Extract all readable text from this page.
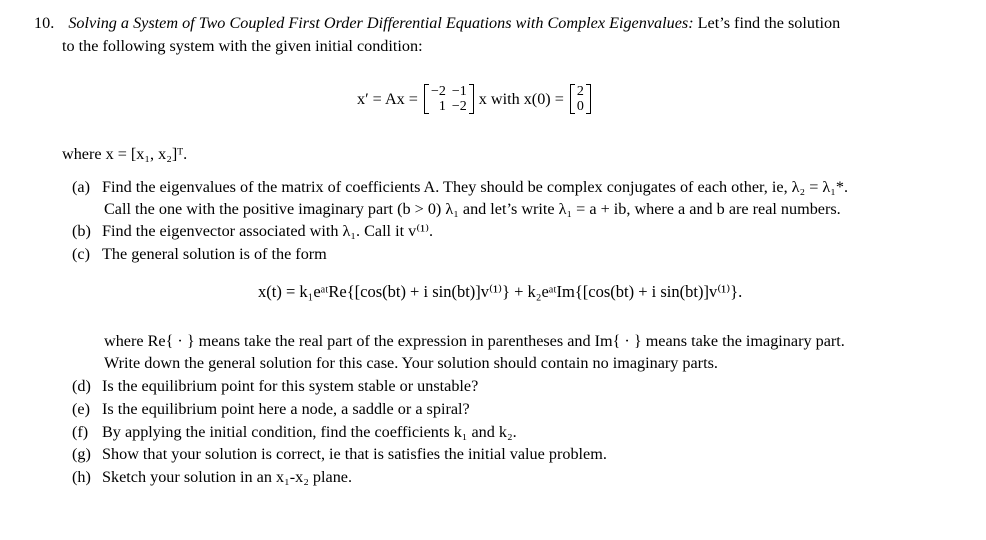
10. Solving a System of Two Coupled First Order Differential Equations with Complex Eigenvalues: Let’s find the solution
to the following system with the given initial condition:
x′ = Ax = −2	−1
1	−2 x with x(0) = 2
0
where x = [x₁, x₂]ᵀ.
(a) Find the eigenvalues of the matrix of coefficients A. They should be complex conjugates of each other, ie, λ₂ = λ₁*.
Call the one with the positive imaginary part (b > 0) λ₁ and let’s write λ₁ = a + ib, where a and b are real numbers.
(b) Find the eigenvector associated with λ₁. Call it v⁽¹⁾.
(c) The general solution is of the form
x(t) = k₁eᵃᵗRe{[cos(bt) + i sin(bt)]v⁽¹⁾} + k₂eᵃᵗIm{[cos(bt) + i sin(bt)]v⁽¹⁾}.
where Re{ · } means take the real part of the expression in parentheses and Im{ · } means take the imaginary part.
Write down the general solution for this case. Your solution should contain no imaginary parts.
(d) Is the equilibrium point for this system stable or unstable?
(e) Is the equilibrium point here a node, a saddle or a spiral?
(f) By applying the initial condition, find the coefficients k₁ and k₂.
(g) Show that your solution is correct, ie that is satisfies the initial value problem.
(h) Sketch your solution in an x₁-x₂ plane.
